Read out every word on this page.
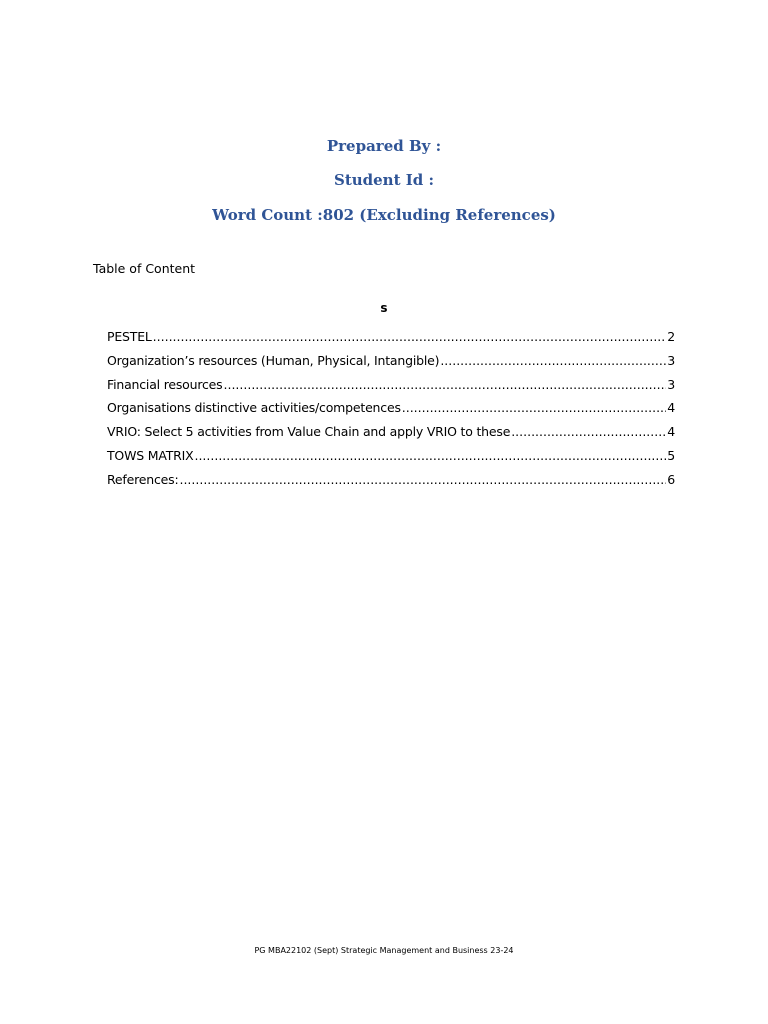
Prepared By :
Student Id :
Word Count :802 (Excluding References)
Table of Content
s
PESTEL .....	2
Organization’s resources (Human, Physical, Intangible) .....	3
Financial resources .....	3
Organisations distinctive activities/competences .....	4
VRIO: Select 5 activities from Value Chain and apply VRIO to these .....	4
TOWS MATRIX .....	5
References: .....	6
PG MBA22102 (Sept) Strategic Management and Business 23-24
